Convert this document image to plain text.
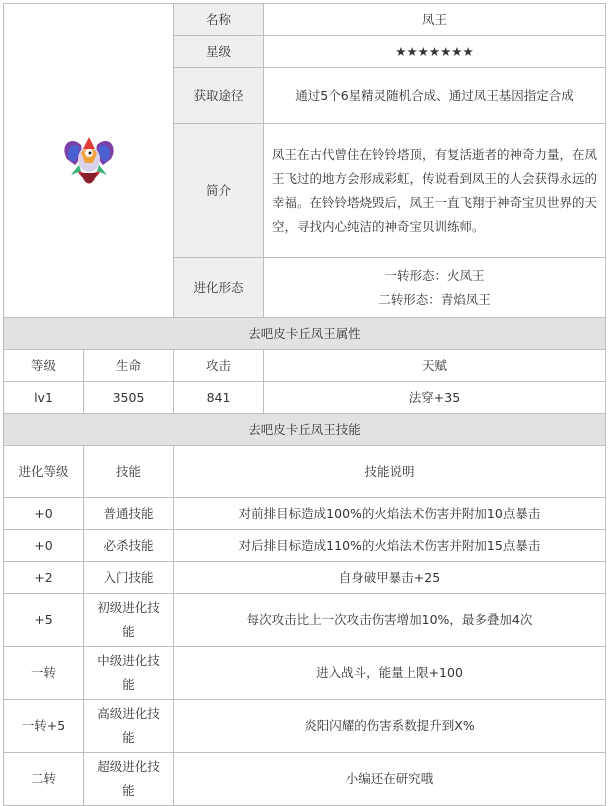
	名称	凤王
		星级	★★★★★★★
		获取途径	通过5个6星精灵随机合成、通过凤王基因指定合成
		简介	凤王在古代曾住在铃铃塔顶，有复活逝者的神奇力量，在凤王飞过的地方会形成彩虹，传说看到凤王的人会获得永远的幸福。在铃铃塔烧毁后，凤王一直飞翔于神奇宝贝世界的天空，寻找内心纯洁的神奇宝贝训练师。
		进化形态	一转形态：火凤王
二转形态：青焰凤王

去吧皮卡丘凤王属性			
等级	生命	攻击	天赋
lv1	3505	841	法穿+35
去吧皮卡丘凤王技能			
进化等级	技能	技能说明	
+0	普通技能	对前排目标造成100%的火焰法术伤害并附加10点暴击	
+0	必杀技能	对后排目标造成110%的火焰法术伤害并附加15点暴击	
+2	入门技能	自身破甲暴击+25	
+5	初级进化技能	每次攻击比上一次攻击伤害增加10%，最多叠加4次	
一转	中级进化技能	进入战斗，能量上限+100	
一转+5	高级进化技能	炎阳闪耀的伤害系数提升到X%	
二转	超级进化技能	小编还在研究哦	
